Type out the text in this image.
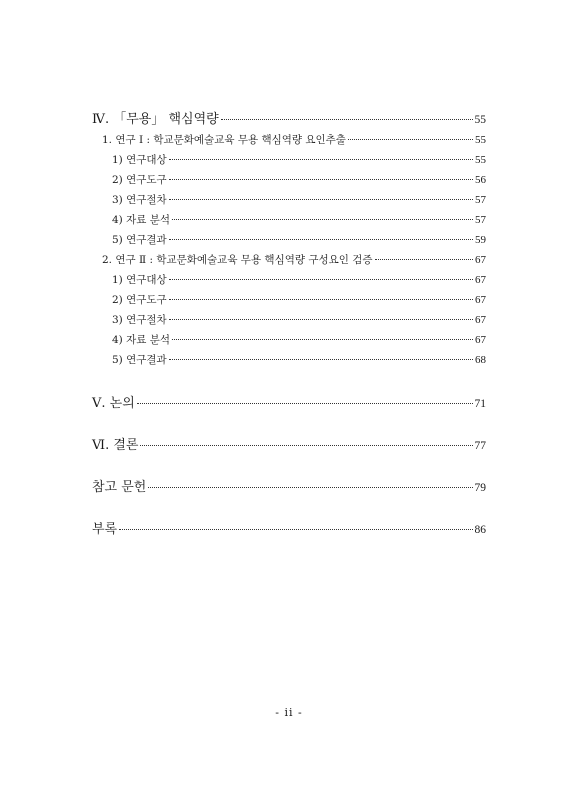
Ⅳ. 「무용」 핵심역량	55
1. 연구 Ⅰ : 학교문화예술교육 무용 핵심역량 요인추출	55
1) 연구대상	55
2) 연구도구	56
3) 연구절차	57
4) 자료 분석	57
5) 연구결과	59
2. 연구 Ⅱ : 학교문화예술교육 무용 핵심역량 구성요인 검증	67
1) 연구대상	67
2) 연구도구	67
3) 연구절차	67
4) 자료 분석	67
5) 연구결과	68
Ⅴ. 논의	71
Ⅵ. 결론	77
참고 문헌	79
부록	86
- ii -
